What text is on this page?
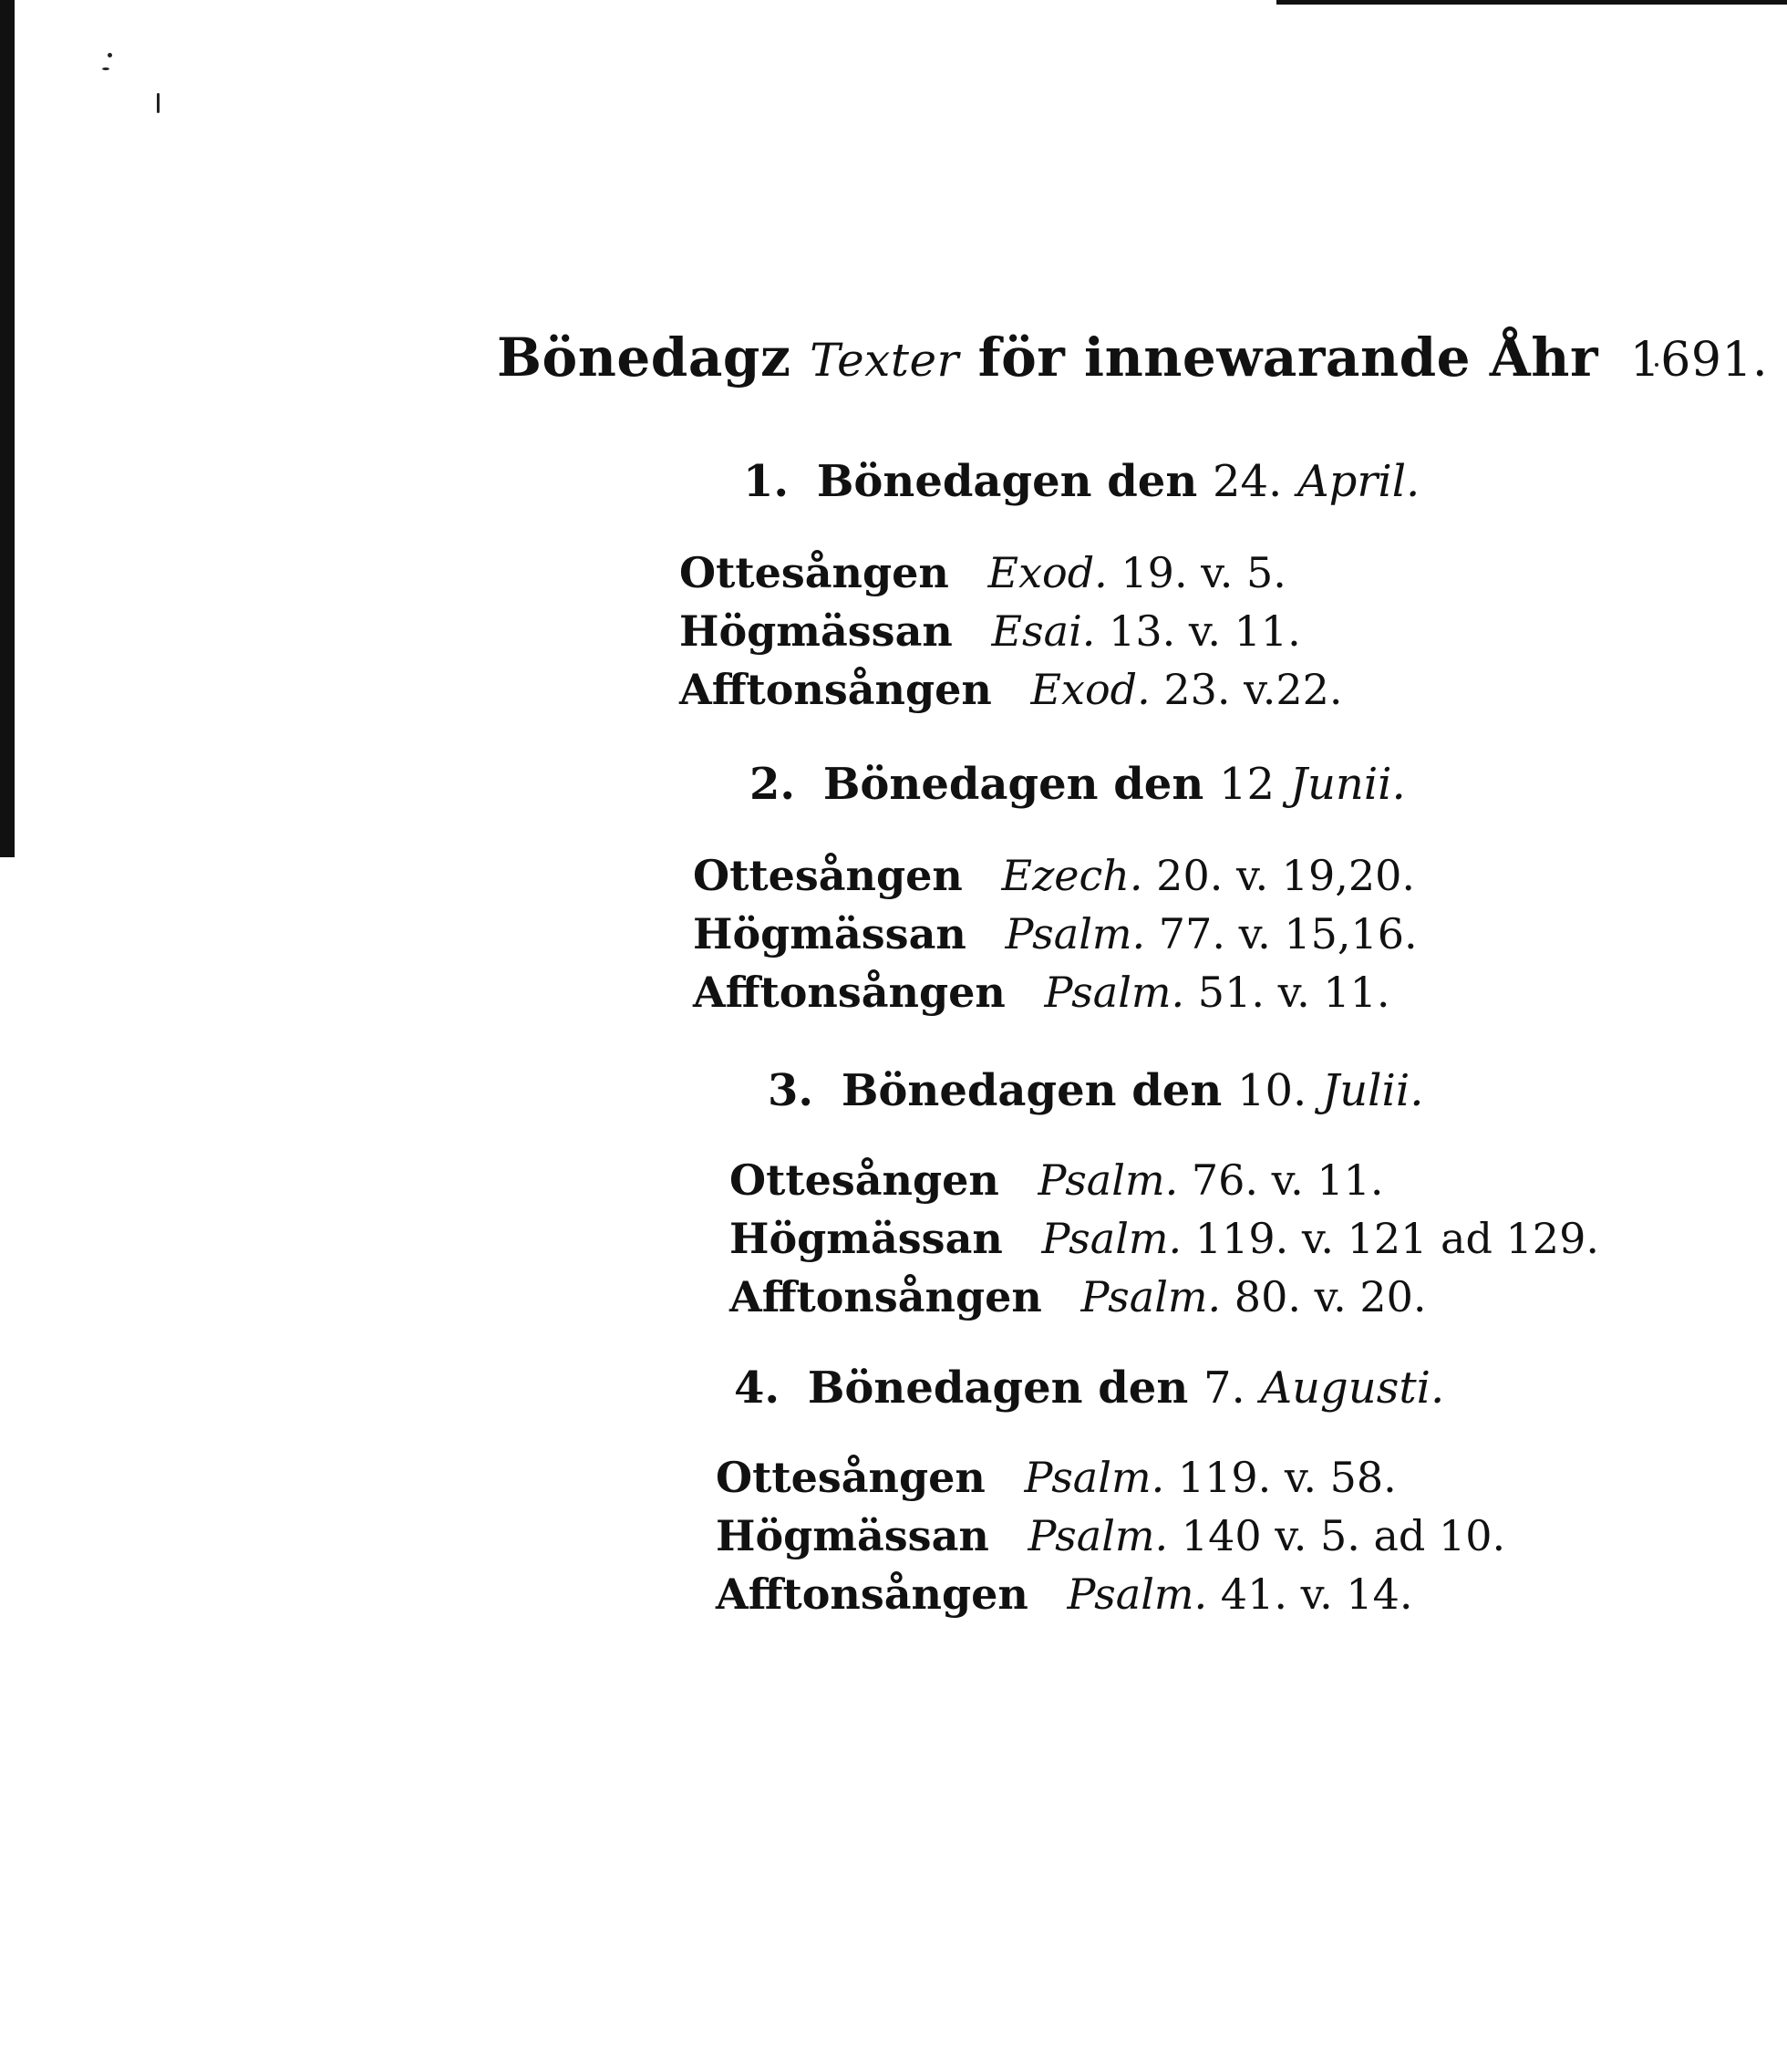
Bönedagz Texter för innewarande Åhr 1691.
1. Bönedagen den 24. April.
Ottesången Exod. 19. v. 5.
Högmässan Esai. 13. v. 11.
Afftonsången Exod. 23. v.22.
2. Bönedagen den 12 Junii.
Ottesången Ezech. 20. v. 19,20.
Högmässan Psalm. 77. v. 15,16.
Afftonsången Psalm. 51. v. 11.
3. Bönedagen den 10. Julii.
Ottesången Psalm. 76. v. 11.
Högmässan Psalm. 119. v. 121 ad 129.
Afftonsången Psalm. 80. v. 20.
4. Bönedagen den 7. Augusti.
Ottesången Psalm. 119. v. 58.
Högmässan Psalm. 140 v. 5. ad 10.
Afftonsången Psalm. 41. v. 14.
